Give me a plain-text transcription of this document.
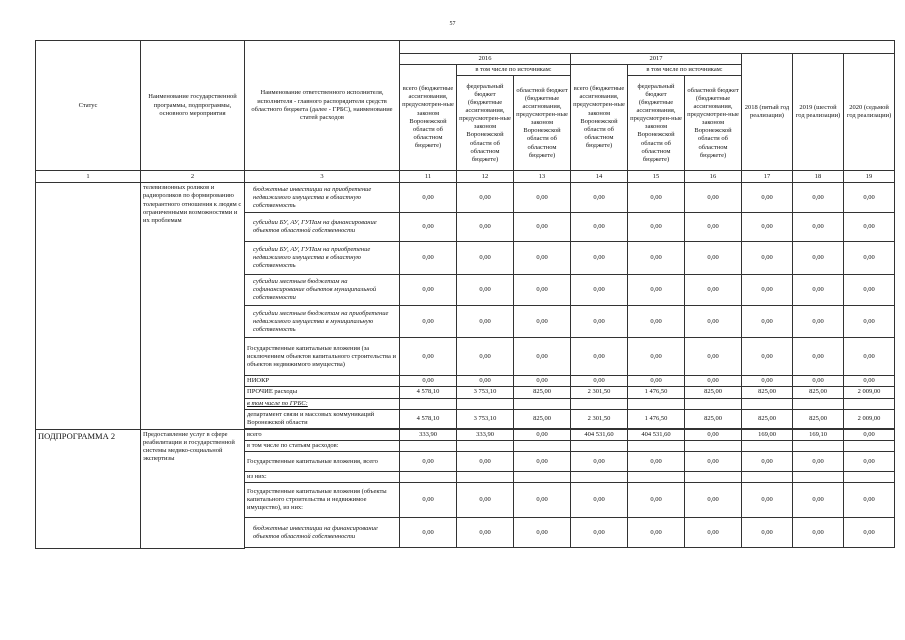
57
Статус	Наименование государственной программы, подпрограммы, основного мероприятия	Наименование ответственного исполнителя, исполнителя - главного распорядителя средств областного бюджета (далее - ГРБС), наименование статей расходов									
			2016			2017			2018 (пятый год реализации)	2019 (шестой год реализации)	2020 (седьмой год реализации)
			всего (бюджетные ассигнования, предусмотрен-ные законом Воронежской области об областном бюджете)	в том числе по источникам:		всего (бюджетные ассигнования, предусмотрен-ные законом Воронежской области об областном бюджете)	в том числе по источникам:				
				федеральный бюджет (бюджетные ассигнования, предусмотрен-ные законом Воронежской области об областном бюджете)	областной бюджет (бюджетные ассигнования, предусмотрен-ные законом Воронежской области об областном бюджете)		федеральный бюджет (бюджетные ассигнования, предусмотрен-ные законом Воронежской области об областном бюджете)	областной бюджет (бюджетные ассигнования, предусмотрен-ные законом Воронежской области об областном бюджете)			
1	2	3	11	12	13	14	15	16	17	18	19
	телевизионных роликов и радиороликов по формированию толерантного отношения к людям с ограниченными возможностями и их проблемам	бюджетные инвестиции на приобретение недвижимого имущества в областную собственность	0,00	0,00	0,00	0,00	0,00	0,00	0,00	0,00	0,00
		субсидии БУ, АУ, ГУПам на финансирование объектов областной собственности	0,00	0,00	0,00	0,00	0,00	0,00	0,00	0,00	0,00
		субсидии БУ, АУ, ГУПам на приобретение недвижимого имущества в областную собственность	0,00	0,00	0,00	0,00	0,00	0,00	0,00	0,00	0,00
		субсидии местным бюджетам на софинансирование объектов муниципальной собственности	0,00	0,00	0,00	0,00	0,00	0,00	0,00	0,00	0,00
		субсидии местным бюджетам на приобретение недвижимого имущества в муниципальную собственность	0,00	0,00	0,00	0,00	0,00	0,00	0,00	0,00	0,00
		Государственные капитальные вложения (за исключением объектов капитального строительства и объектов недвижимого имущества)	0,00	0,00	0,00	0,00	0,00	0,00	0,00	0,00	0,00
		НИОКР	0,00	0,00	0,00	0,00	0,00	0,00	0,00	0,00	0,00
		ПРОЧИЕ расходы	4 578,10	3 753,10	825,00	2 301,50	1 476,50	825,00	825,00	825,00	2 009,00
		в том числе по ГРБС:									
		департамент связи и массовых коммуникаций Воронежской области	4 578,10	3 753,10	825,00	2 301,50	1 476,50	825,00	825,00	825,00	2 009,00

ПОДПРОГРАММА 2	Предоставление услуг в сфере реабилитации и государственной системы медико-социальной экспертизы	всего	333,90	333,90	0,00	404 531,60	404 531,60	0,00	169,00	169,10	0,00
		в том числе по статьям расходов:									
		Государственные капитальные вложения, всего	0,00	0,00	0,00	0,00	0,00	0,00	0,00	0,00	0,00
		из них:									
		Государственные капитальные вложения (объекты капитального строительства и недвижимое имущество), из них:	0,00	0,00	0,00	0,00	0,00	0,00	0,00	0,00	0,00
		бюджетные инвестиции на финансирование объектов областной собственности	0,00	0,00	0,00	0,00	0,00	0,00	0,00	0,00	0,00
